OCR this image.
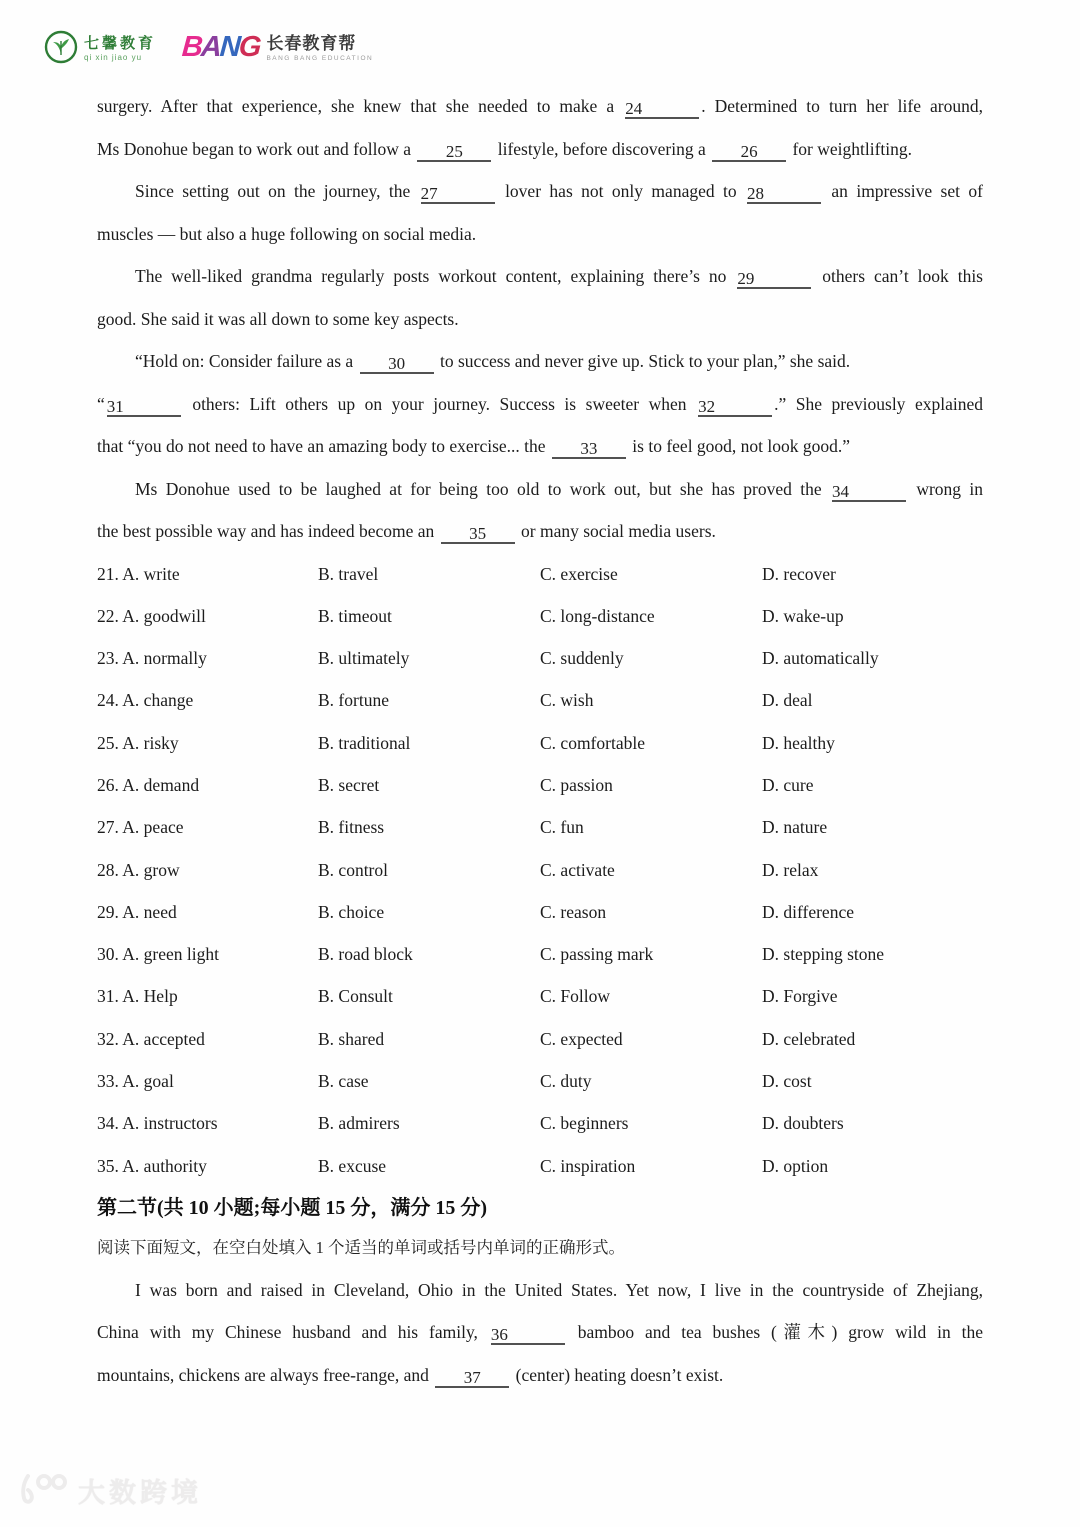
七馨教育
qi xin jiao yu	BANG 长春教育帮
BANG BANG EDUCATION
surgery. After that experience, she knew that she needed to make a 24	. Determined to turn her life around,
Ms Donohue began to work out and follow a 25 lifestyle, before discovering a 26 for weightlifting.
Since setting out on the journey, the 27	lover has not only managed to 28	an impressive set of
muscles — but also a huge following on social media.
The well-liked grandma regularly posts workout content, explaining there’s no 29	others can’t look this
good. She said it was all down to some key aspects.
“Hold on: Consider failure as a 30 to success and never give up. Stick to your plan,” she said.
“ 31	others: Lift others up on your journey. Success is sweeter when 32	.” She previously explained
that “you do not need to have an amazing body to exercise... the 33 is to feel good, not look good.”
Ms Donohue used to be laughed at for being too old to work out, but she has proved the 34	wrong in
the best possible way and has indeed become an 35 or many social media users.
21. A. write	B. travel	C. exercise	D. recover
22. A. goodwill	B. timeout	C. long-distance	D. wake-up
23. A. normally	B. ultimately	C. suddenly	D. automatically
24. A. change	B. fortune	C. wish	D. deal
25. A. risky	B. traditional	C. comfortable	D. healthy
26. A. demand	B. secret	C. passion	D. cure
27. A. peace	B. fitness	C. fun	D. nature
28. A. grow	B. control	C. activate	D. relax
29. A. need	B. choice	C. reason	D. difference
30. A. green light	B. road block	C. passing mark	D. stepping stone
31. A. Help	B. Consult	C. Follow	D. Forgive
32. A. accepted	B. shared	C. expected	D. celebrated
33. A. goal	B. case	C. duty	D. cost
34. A. instructors	B. admirers	C. beginners	D. doubters
35. A. authority	B. excuse	C. inspiration	D. option
第二节(共 10 小题;每小题 15 分，满分 15 分)

阅读下面短文，在空白处填入 1 个适当的单词或括号内单词的正确形式。

I was born and raised in Cleveland, Ohio in the United States. Yet now, I live in the countryside of Zhejiang,
China with my Chinese husband and his family, 36	bamboo and tea bushes (灌木) grow wild in the
mountains, chickens are always free-range, and 37 (center) heating doesn’t exist.
大数跨境
